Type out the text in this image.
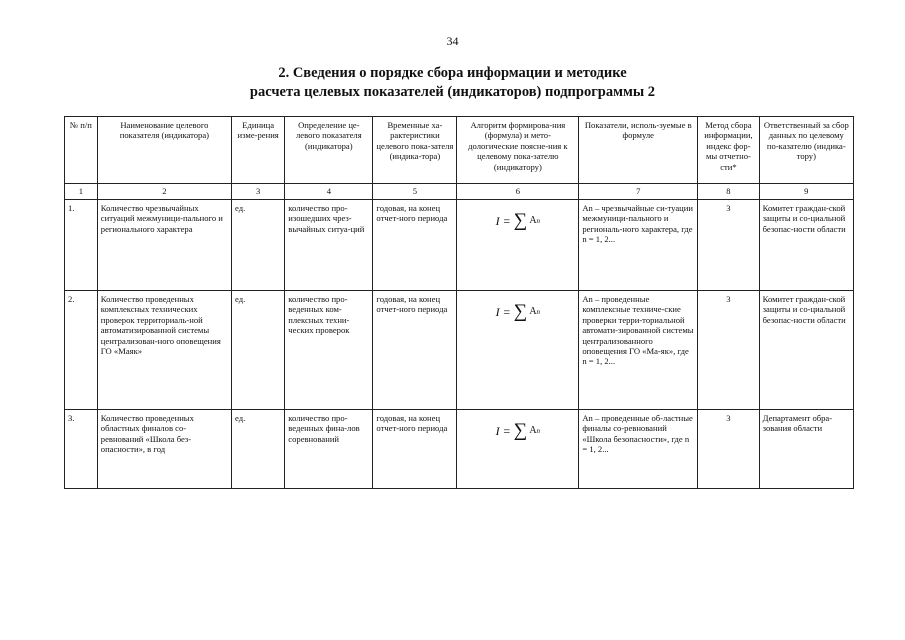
34
2. Сведения о порядке сбора информации и методике
расчета целевых показателей (индикаторов) подпрограммы 2
№ п/п	Наименование целевого показателя (индикатора)	Единица изме-рения	Определение це-левого показателя (индикатора)	Временные ха-рактеристики целевого пока-зателя (индика-тора)	Алгоритм формирова-ния (формула) и мето-дологические поясне-ния к целевому пока-зателю (индикатору)	Показатели, исполь-зуемые в формуле	Метод сбора информации, индекс фор-мы отчетно-сти*	Ответственный за сбор данных по целевому по-казателю (индика-тору)
1	2	3	4	5	6	7	8	9
1.	Количество чрезвычайных ситуаций межмуници-пального и регионального характера	ед.	количество про-изошедших чрез-вычайных ситуа-ций	годовая, на конец отчет-ного периода	I = ∑ A n	An – чрезвычайные си-туации межмуници-пального и региональ-ного характера, где n = 1, 2...	3	Комитет граждан-ской защиты и со-циальной безопас-ности области
2.	Количество проведенных комплексных технических проверок территориаль-ной автоматизированной системы централизован-ного оповещения ГО «Маяк»	ед.	количество про-веденных ком-плексных техни-ческих проверок	годовая, на конец отчет-ного периода	I = ∑ A n	An – проведенные комплексные техниче-ские проверки терри-ториальной автомати-зированной системы централизованного оповещения ГО «Ма-як», где n = 1, 2...	3	Комитет граждан-ской защиты и со-циальной безопас-ности области
3.	Количество проведенных областных финалов со-ревнований «Школа без-опасности», в год	ед.	количество про-веденных фина-лов соревнований	годовая, на конец отчет-ного периода	I = ∑ A n	An – проведенные об-ластные финалы со-ревнований «Школа безопасности», где n = 1, 2...	3	Департамент обра-зования области
